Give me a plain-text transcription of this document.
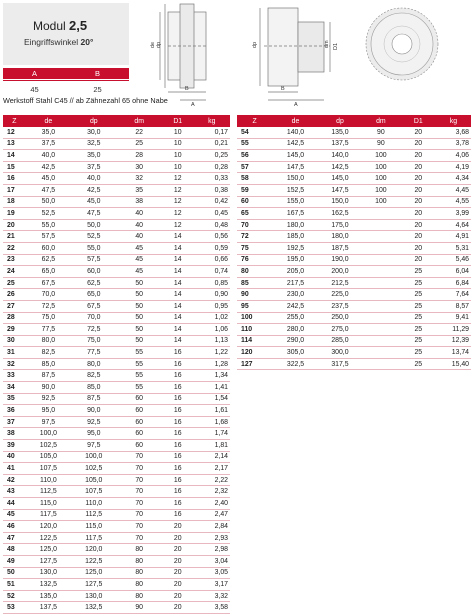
Modul 2,5
Eingriffswinkel 20°
A	B
45	25
Werkstoff Stahl C45 // ab Zähnezahl 65 ohne Nabe
de dp
B
A
dp	dm D1
B
A
Z	de	dp	dm	D1	kg
12	35,0	30,0	22	10	0,17
13	37,5	32,5	25	10	0,21
14	40,0	35,0	28	10	0,25
15	42,5	37,5	30	10	0,28
16	45,0	40,0	32	12	0,33
17	47,5	42,5	35	12	0,38
18	50,0	45,0	38	12	0,42
19	52,5	47,5	40	12	0,45
20	55,0	50,0	40	12	0,48
21	57,5	52,5	40	14	0,56
22	60,0	55,0	45	14	0,59
23	62,5	57,5	45	14	0,66
24	65,0	60,0	45	14	0,74
25	67,5	62,5	50	14	0,85
26	70,0	65,0	50	14	0,90
27	72,5	67,5	50	14	0,95
28	75,0	70,0	50	14	1,02
29	77,5	72,5	50	14	1,06
30	80,0	75,0	50	14	1,13
31	82,5	77,5	55	16	1,22
32	85,0	80,0	55	16	1,28
33	87,5	82,5	55	16	1,34
34	90,0	85,0	55	16	1,41
35	92,5	87,5	60	16	1,54
36	95,0	90,0	60	16	1,61
37	97,5	92,5	60	16	1,68
38	100,0	95,0	60	16	1,74
39	102,5	97,5	60	16	1,81
40	105,0	100,0	70	16	2,14
41	107,5	102,5	70	16	2,17
42	110,0	105,0	70	16	2,22
43	112,5	107,5	70	16	2,32
44	115,0	110,0	70	16	2,40
45	117,5	112,5	70	16	2,47
46	120,0	115,0	70	20	2,84
47	122,5	117,5	70	20	2,93
48	125,0	120,0	80	20	2,98
49	127,5	122,5	80	20	3,04
50	130,0	125,0	80	20	3,05
51	132,5	127,5	80	20	3,17
52	135,0	130,0	80	20	3,32
53	137,5	132,5	90	20	3,58
Z	de	dp	dm	D1	kg
54	140,0	135,0	90	20	3,68
55	142,5	137,5	90	20	3,78
56	145,0	140,0	100	20	4,06
57	147,5	142,5	100	20	4,19
58	150,0	145,0	100	20	4,34
59	152,5	147,5	100	20	4,45
60	155,0	150,0	100	20	4,55
65	167,5	162,5		20	3,99
70	180,0	175,0		20	4,64
72	185,0	180,0		20	4,91
75	192,5	187,5		20	5,31
76	195,0	190,0		20	5,46
80	205,0	200,0		25	6,04
85	217,5	212,5		25	6,84
90	230,0	225,0		25	7,64
95	242,5	237,5		25	8,57
100	255,0	250,0		25	9,41
110	280,0	275,0		25	11,29
114	290,0	285,0		25	12,39
120	305,0	300,0		25	13,74
127	322,5	317,5		25	15,40
